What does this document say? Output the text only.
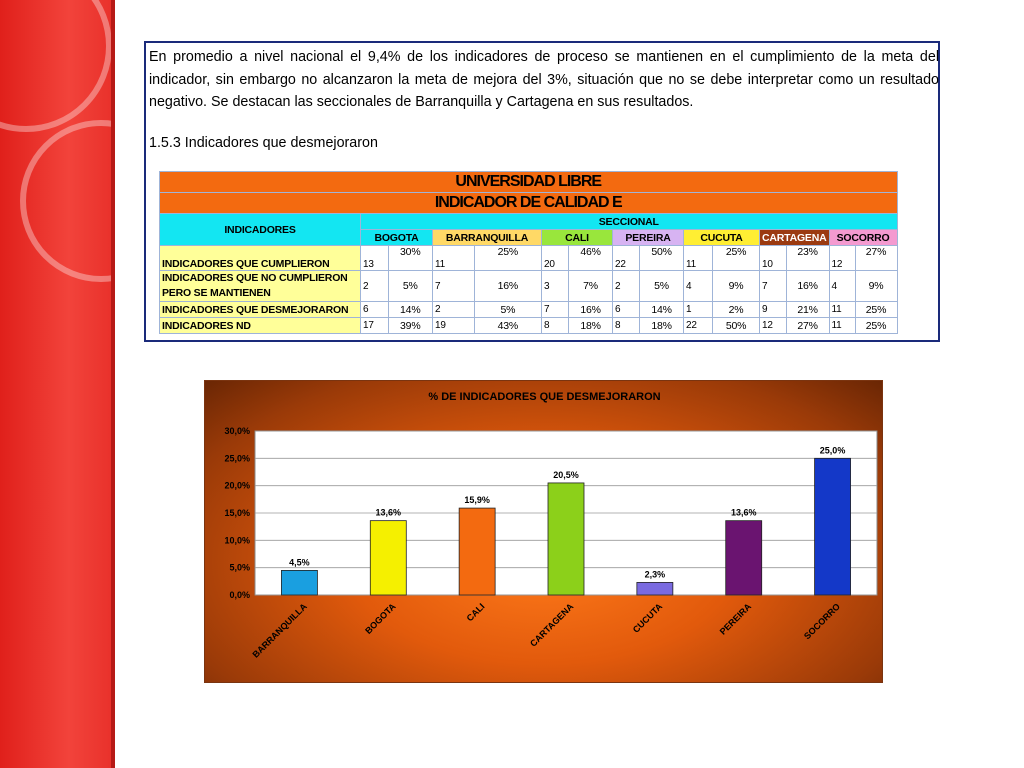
En promedio a nivel nacional el 9,4% de los indicadores de proceso se mantienen en el cumplimiento de la meta del indicador, sin embargo no alcanzaron la meta de mejora del 3%, situación que no se debe interpretar como un resultado negativo. Se destacan las seccionales de Barranquilla y Cartagena en sus resultados.

1.5.3 Indicadores que desmejoraron

UNIVERSIDAD LIBRE														
INDICADOR DE CALIDAD E														
INDICADORES	SECCIONAL													
	BOGOTA		BARRANQUILLA		CALI		PEREIRA		CUCUTA		CARTAGENA		SOCORRO	
INDICADORES QUE CUMPLIERON	13	30%	11	25%	20	46%	22	50%	11	25%	10	23%	12	27%
INDICADORES QUE NO CUMPLIERON
PERO SE MANTIENEN	2	5%	7	16%	3	7%	2	5%	4	9%	7	16%	4	9%
INDICADORES QUE DESMEJORARON	6	14%	2	5%	7	16%	6	14%	1	2%	9	21%	11	25%
INDICADORES ND	17	39%	19	43%	8	18%	8	18%	22	50%	12	27%	11	25%
% DE INDICADORES QUE DESMEJORARON
0,0%
5,0%
10,0%
15,0%
20,0%
25,0%
30,0%
4,5%
BARRANQUILLA
13,6%
BOGOTA
15,9%
CALI
20,5%
CARTAGENA
2,3%
CUCUTA
13,6%
PEREIRA
25,0%
SOCORRO
